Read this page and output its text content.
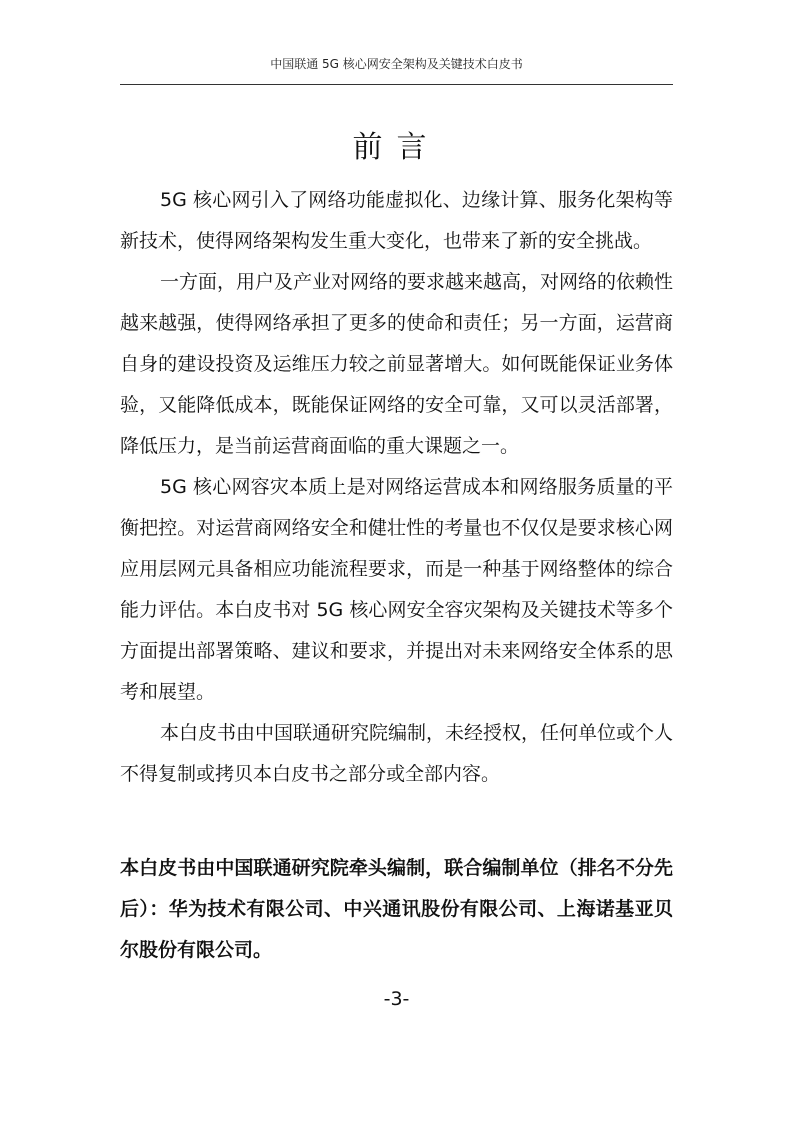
中国联通 5G 核心网安全架构及关键技术白皮书
前言

5G 核心网引入了网络功能虚拟化、边缘计算、服务化架构等新技术，使得网络架构发生重大变化，也带来了新的安全挑战。

一方面，用户及产业对网络的要求越来越高，对网络的依赖性越来越强，使得网络承担了更多的使命和责任；另一方面，运营商自身的建设投资及运维压力较之前显著增大。如何既能保证业务体验，又能降低成本，既能保证网络的安全可靠，又可以灵活部署，降低压力，是当前运营商面临的重大课题之一。

5G 核心网容灾本质上是对网络运营成本和网络服务质量的平衡把控。对运营商网络安全和健壮性的考量也不仅仅是要求核心网应用层网元具备相应功能流程要求，而是一种基于网络整体的综合能力评估。本白皮书对 5G 核心网安全容灾架构及关键技术等多个方面提出部署策略、建议和要求，并提出对未来网络安全体系的思考和展望。

本白皮书由中国联通研究院编制，未经授权，任何单位或个人不得复制或拷贝本白皮书之部分或全部内容。

本白皮书由中国联通研究院牵头编制，联合编制单位（排名不分先后）：华为技术有限公司、中兴通讯股份有限公司、上海诺基亚贝尔股份有限公司。

-3-
